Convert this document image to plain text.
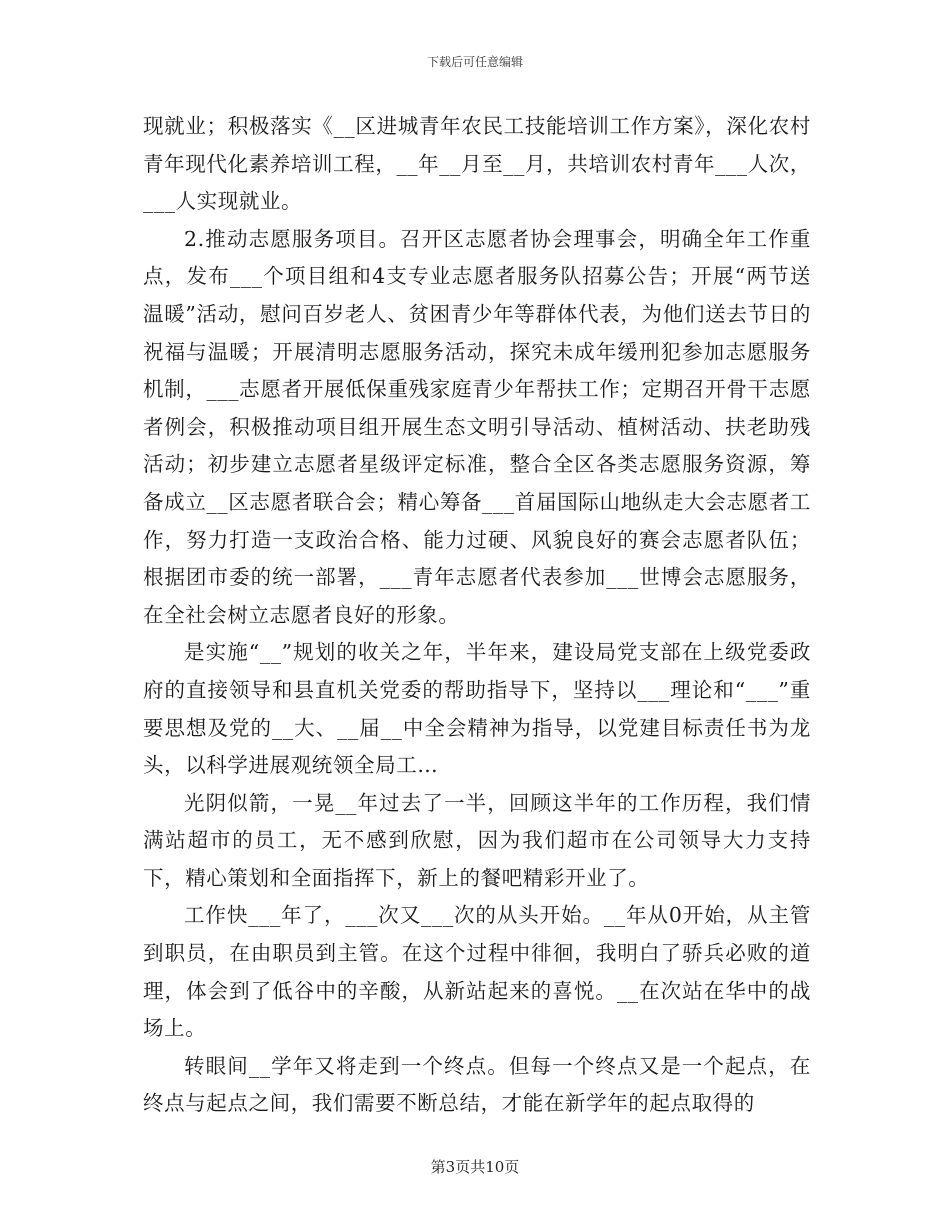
下载后可任意编辑

现就业；积极落实《__区进城青年农民工技能培训工作方案》，深化农村青年现代化素养培训工程，__年__月至__月，共培训农村青年___人次，___人实现就业。

2.推动志愿服务项目。召开区志愿者协会理事会，明确全年工作重点，发布___个项目组和4支专业志愿者服务队招募公告；开展“两节送温暖”活动，慰问百岁老人、贫困青少年等群体代表，为他们送去节日的祝福与温暖；开展清明志愿服务活动，探究未成年缓刑犯参加志愿服务机制，___志愿者开展低保重残家庭青少年帮扶工作；定期召开骨干志愿者例会，积极推动项目组开展生态文明引导活动、植树活动、扶老助残活动；初步建立志愿者星级评定标准，整合全区各类志愿服务资源，筹备成立__区志愿者联合会；精心筹备___首届国际山地纵走大会志愿者工作，努力打造一支政治合格、能力过硬、风貌良好的赛会志愿者队伍；根据团市委的统一部署，___青年志愿者代表参加___世博会志愿服务，在全社会树立志愿者良好的形象。

是实施“__”规划的收关之年，半年来，建设局党支部在上级党委政府的直接领导和县直机关党委的帮助指导下，坚持以___理论和“___”重要思想及党的__大、__届__中全会精神为指导，以党建目标责任书为龙头，以科学进展观统领全局工…

光阴似箭，一晃__年过去了一半，回顾这半年的工作历程，我们情满站超市的员工，无不感到欣慰，因为我们超市在公司领导大力支持下，精心策划和全面指挥下，新上的餐吧精彩开业了。

工作快___年了，___次又___次的从头开始。__年从0开始，从主管到职员，在由职员到主管。在这个过程中徘徊，我明白了骄兵必败的道理，体会到了低谷中的辛酸，从新站起来的喜悦。__在次站在华中的战场上。

转眼间__学年又将走到一个终点。但每一个终点又是一个起点，在终点与起点之间，我们需要不断总结，才能在新学年的起点取得的

第3页共10页
